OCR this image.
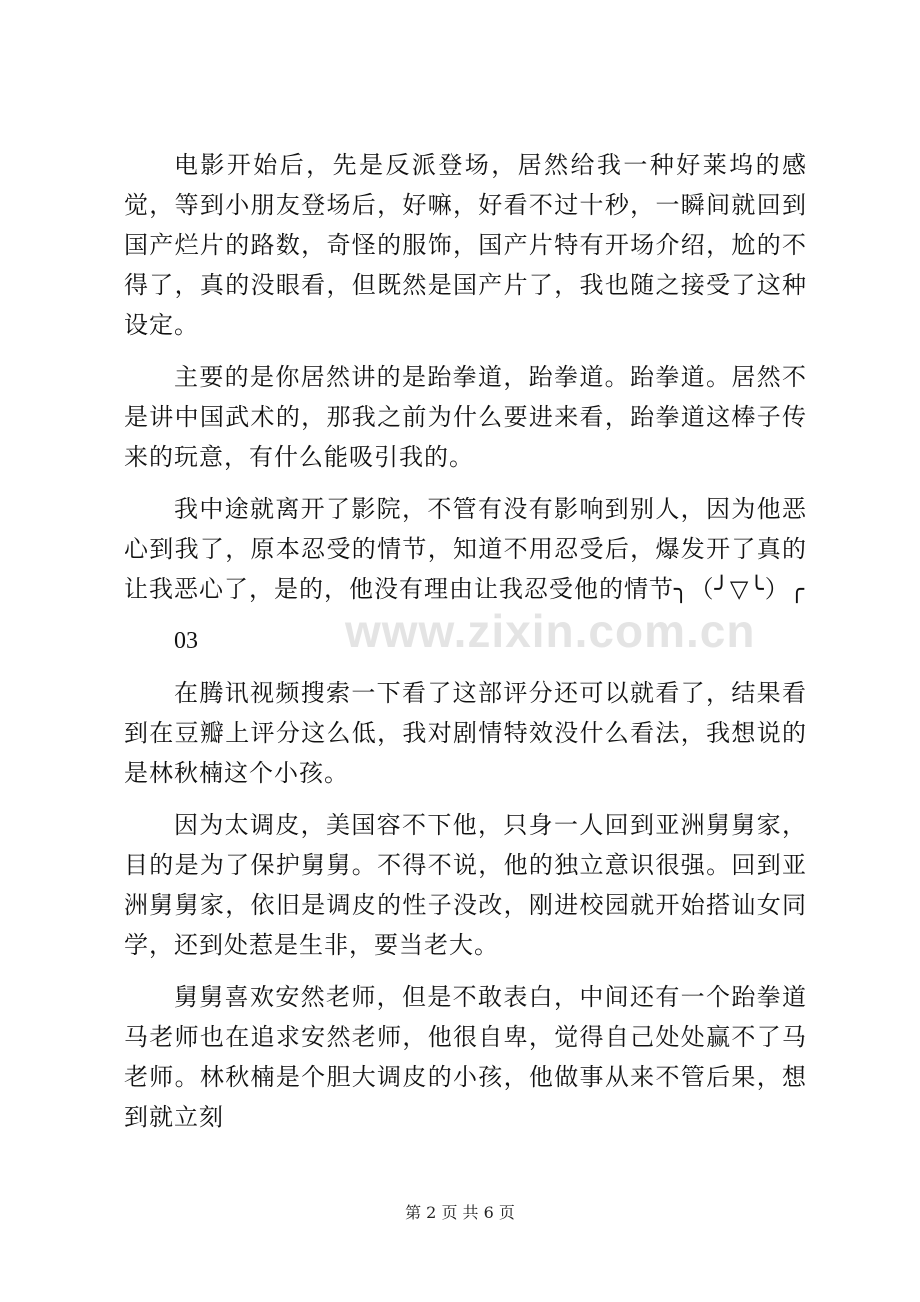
电影开始后，先是反派登场，居然给我一种好莱坞的感觉，等到小朋友登场后，好嘛，好看不过十秒，一瞬间就回到国产烂片的路数，奇怪的服饰，国产片特有开场介绍，尬的不得了，真的没眼看，但既然是国产片了，我也随之接受了这种设定。

主要的是你居然讲的是跆拳道，跆拳道。跆拳道。居然不是讲中国武术的，那我之前为什么要进来看，跆拳道这棒子传来的玩意，有什么能吸引我的。

我中途就离开了影院，不管有没有影响到别人，因为他恶心到我了，原本忍受的情节，知道不用忍受后，爆发开了真的让我恶心了，是的，他没有理由让我忍受他的情节╮（╯▽╰）╭

03

在腾讯视频搜索一下看了这部评分还可以就看了，结果看到在豆瓣上评分这么低，我对剧情特效没什么看法，我想说的是林秋楠这个小孩。

因为太调皮，美国容不下他，只身一人回到亚洲舅舅家，目的是为了保护舅舅。不得不说，他的独立意识很强。回到亚洲舅舅家，依旧是调皮的性子没改，刚进校园就开始搭讪女同学，还到处惹是生非，要当老大。

舅舅喜欢安然老师，但是不敢表白，中间还有一个跆拳道马老师也在追求安然老师，他很自卑，觉得自己处处赢不了马老师。林秋楠是个胆大调皮的小孩，他做事从来不管后果，想到就立刻

www.zixin.com.cn
第 2 页 共 6 页
